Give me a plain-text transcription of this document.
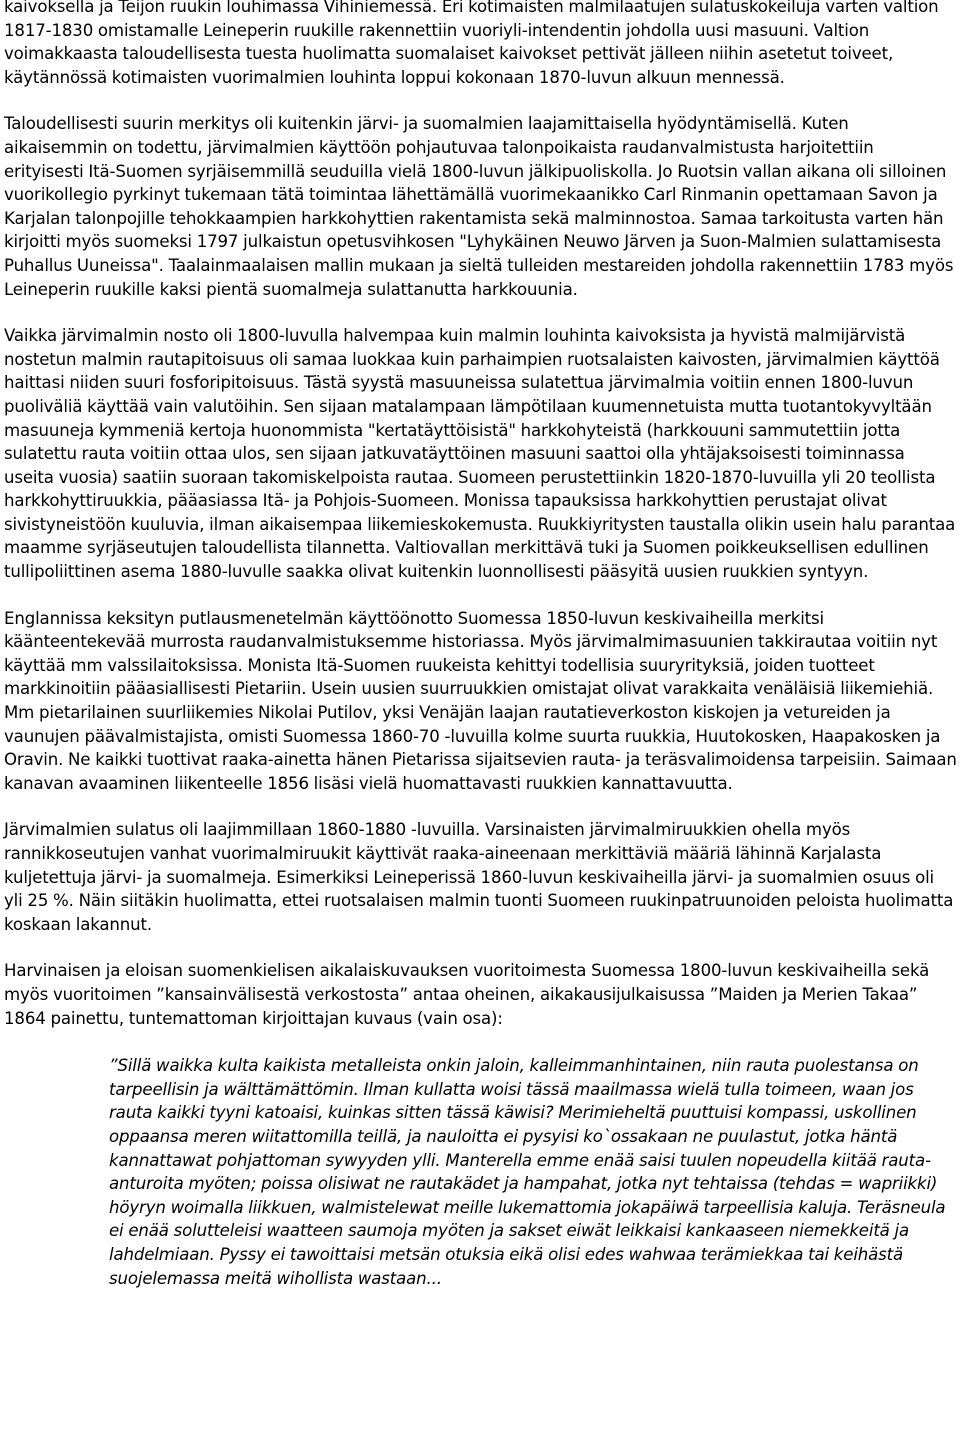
kaivoksella ja Teijon ruukin louhimassa Vihiniemessä. Eri kotimaisten malmilaatujen sulatuskokeiluja varten valtion 1817-1830 omistamalle Leineperin ruukille rakennettiin vuoriyli-intendentin johdolla uusi masuuni. Valtion voimakkaasta taloudellisesta tuesta huolimatta suomalaiset kaivokset pettivät jälleen niihin asetetut toiveet, käytännössä kotimaisten vuorimalmien louhinta loppui kokonaan 1870-luvun alkuun mennessä.

Taloudellisesti suurin merkitys oli kuitenkin järvi- ja suomalmien laajamittaisella hyödyntämisellä. Kuten aikaisemmin on todettu, järvimalmien käyttöön pohjautuvaa talonpoikaista raudanvalmistusta harjoitettiin erityisesti Itä-Suomen syrjäisemmillä seuduilla vielä 1800-luvun jälkipuoliskolla. Jo Ruotsin vallan aikana oli silloinen vuorikollegio pyrkinyt tukemaan tätä toimintaa lähettämällä vuorimekaanikko Carl Rinmanin opettamaan Savon ja Karjalan talonpojille tehokkaampien harkkohyttien rakentamista sekä malminnostoa. Samaa tarkoitusta varten hän kirjoitti myös suomeksi 1797 julkaistun opetusvihkosen "Lyhykäinen Neuwo Järven ja Suon-Malmien sulattamisesta Puhallus Uuneissa". Taalainmaalaisen mallin mukaan ja sieltä tulleiden mestareiden johdolla rakennettiin 1783 myös Leineperin ruukille kaksi pientä suomalmeja sulattanutta harkkouunia.

Vaikka järvimalmin nosto oli 1800-luvulla halvempaa kuin malmin louhinta kaivoksista ja hyvistä malmijärvistä nostetun malmin rautapitoisuus oli samaa luokkaa kuin parhaimpien ruotsalaisten kaivosten, järvimalmien käyttöä haittasi niiden suuri fosforipitoisuus. Tästä syystä masuuneissa sulatettua järvimalmia voitiin ennen 1800-luvun puoliväliä käyttää vain valutöihin. Sen sijaan matalampaan lämpötilaan kuumennetuista mutta tuotantokyvyltään masuuneja kymmeniä kertoja huonommista "kertatäyttöisistä" harkkohyteistä (harkkouuni sammutettiin jotta sulatettu rauta voitiin ottaa ulos, sen sijaan jatkuvatäyttöinen masuuni saattoi olla yhtäjaksoisesti toiminnassa useita vuosia) saatiin suoraan takomiskelpoista rautaa. Suomeen perustettiinkin 1820-1870-luvuilla yli 20 teollista harkkohyttiruukkia, pääasiassa Itä- ja Pohjois-Suomeen. Monissa tapauksissa harkkohyttien perustajat olivat sivistyneistöön kuuluvia, ilman aikaisempaa liikemieskokemusta. Ruukkiyritysten taustalla olikin usein halu parantaa maamme syrjäseutujen taloudellista tilannetta. Valtiovallan merkittävä tuki ja Suomen poikkeuksellisen edullinen tullipoliittinen asema 1880-luvulle saakka olivat kuitenkin luonnollisesti pääsyitä uusien ruukkien syntyyn.

Englannissa keksityn putlausmenetelmän käyttöönotto Suomessa 1850-luvun keskivaiheilla merkitsi käänteentekevää murrosta raudanvalmistuksemme historiassa. Myös järvimalmimasuunien takkirautaa voitiin nyt käyttää mm valssilaitoksissa. Monista Itä-Suomen ruukeista kehittyi todellisia suuryrityksiä, joiden tuotteet markkinoitiin pääasiallisesti Pietariin. Usein uusien suurruukkien omistajat olivat varakkaita venäläisiä liikemiehiä. Mm pietarilainen suurliikemies Nikolai Putilov, yksi Venäjän laajan rautatieverkoston kiskojen ja vetureiden ja vaunujen päävalmistajista, omisti Suomessa 1860-70 -luvuilla kolme suurta ruukkia, Huutokosken, Haapakosken ja Oravin. Ne kaikki tuottivat raaka-ainetta hänen Pietarissa sijaitsevien rauta- ja teräsvalimoidensa tarpeisiin. Saimaan kanavan avaaminen liikenteelle 1856 lisäsi vielä huomattavasti ruukkien kannattavuutta.

Järvimalmien sulatus oli laajimmillaan 1860-1880 -luvuilla. Varsinaisten järvimalmiruukkien ohella myös rannikkoseutujen vanhat vuorimalmiruukit käyttivät raaka-aineenaan merkittäviä määriä lähinnä Karjalasta kuljetettuja järvi- ja suomalmeja. Esimerkiksi Leineperissä 1860-luvun keskivaiheilla järvi- ja suomalmien osuus oli yli 25 %. Näin siitäkin huolimatta, ettei ruotsalaisen malmin tuonti Suomeen ruukinpatruunoiden peloista huolimatta koskaan lakannut.

Harvinaisen ja eloisan suomenkielisen aikalaiskuvauksen vuoritoimesta Suomessa 1800-luvun keskivaiheilla sekä myös vuoritoimen ”kansainvälisestä verkostosta” antaa oheinen, aikakausijulkaisussa ”Maiden ja Merien Takaa” 1864 painettu, tuntemattoman kirjoittajan kuvaus (vain osa):

”Sillä waikka kulta kaikista metalleista onkin jaloin, kalleimmanhintainen, niin rauta puolestansa on tarpeellisin ja wälttämättömin. Ilman kullatta woisi tässä maailmassa wielä tulla toimeen, waan jos rauta kaikki tyyni katoaisi, kuinkas sitten tässä käwisi? Merimieheltä puuttuisi kompassi, uskollinen oppaansa meren wiitattomilla teillä, ja nauloitta ei pysyisi ko`ossakaan ne puulastut, jotka häntä kannattawat pohjattoman sywyyden ylli. Manterella emme enää saisi tuulen nopeudella kiitää rauta-anturoita myöten; poissa olisiwat ne rautakädet ja hampahat, jotka nyt tehtaissa (tehdas = wapriikki) höyryn woimalla liikkuen, walmistelewat meille lukemattomia jokapäiwä tarpeellisia kaluja. Teräsneula ei enää solutteleisi waatteen saumoja myöten ja sakset eiwät leikkaisi kankaaseen niemekkeitä ja lahdelmiaan. Pyssy ei tawoittaisi metsän otuksia eikä olisi edes wahwaa terämiekkaa tai keihästä suojelemassa meitä wihollista wastaan...
